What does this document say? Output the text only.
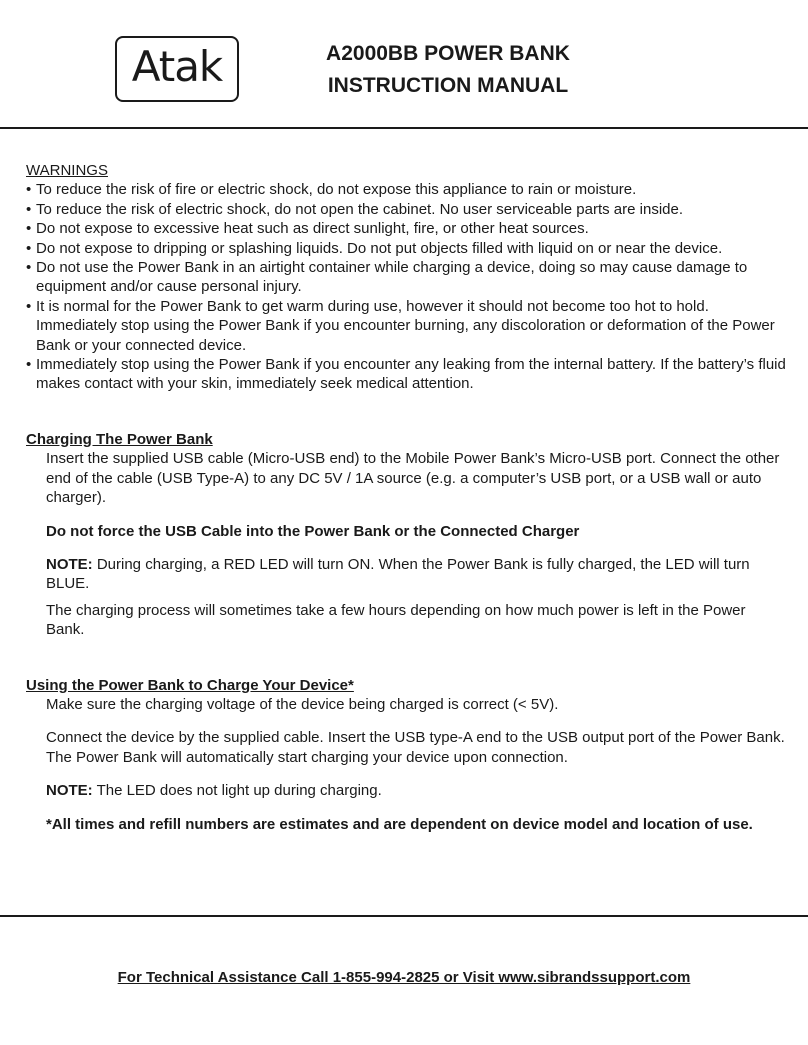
Atak	A2000BB POWER BANK
INSTRUCTION MANUAL
WARNINGS
• To reduce the risk of fire or electric shock, do not expose this appliance to rain or moisture.
• To reduce the risk of electric shock, do not open the cabinet. No user serviceable parts are inside.
• Do not expose to excessive heat such as direct sunlight, fire, or other heat sources.
• Do not expose to dripping or splashing liquids. Do not put objects filled with liquid on or near the device.
• Do not use the Power Bank in an airtight container while charging a device, doing so may cause damage to equipment and/or cause personal injury.
• It is normal for the Power Bank to get warm during use, however it should not become too hot to hold. Immediately stop using the Power Bank if you encounter burning, any discoloration or deformation of the Power Bank or your connected device.
• Immediately stop using the Power Bank if you encounter any leaking from the internal battery. If the battery’s fluid makes contact with your skin, immediately seek medical attention.
Charging The Power Bank

Insert the supplied USB cable (Micro-USB end) to the Mobile Power Bank’s Micro-USB port. Connect the other end of the cable (USB Type-A) to any DC 5V / 1A source (e.g. a computer’s USB port, or a USB wall or auto charger).

Do not force the USB Cable into the Power Bank or the Connected Charger

NOTE: During charging, a RED LED will turn ON. When the Power Bank is fully charged, the LED will turn BLUE.

The charging process will sometimes take a few hours depending on how much power is left in the Power Bank.

Using the Power Bank to Charge Your Device*

Make sure the charging voltage of the device being charged is correct (< 5V).

Connect the device by the supplied cable. Insert the USB type-A end to the USB output port of the Power Bank. The Power Bank will automatically start charging your device upon connection.

NOTE: The LED does not light up during charging.

*All times and refill numbers are estimates and are dependent on device model and location of use.

For Technical Assistance Call 1-855-994-2825 or Visit www.sibrandssupport.com
